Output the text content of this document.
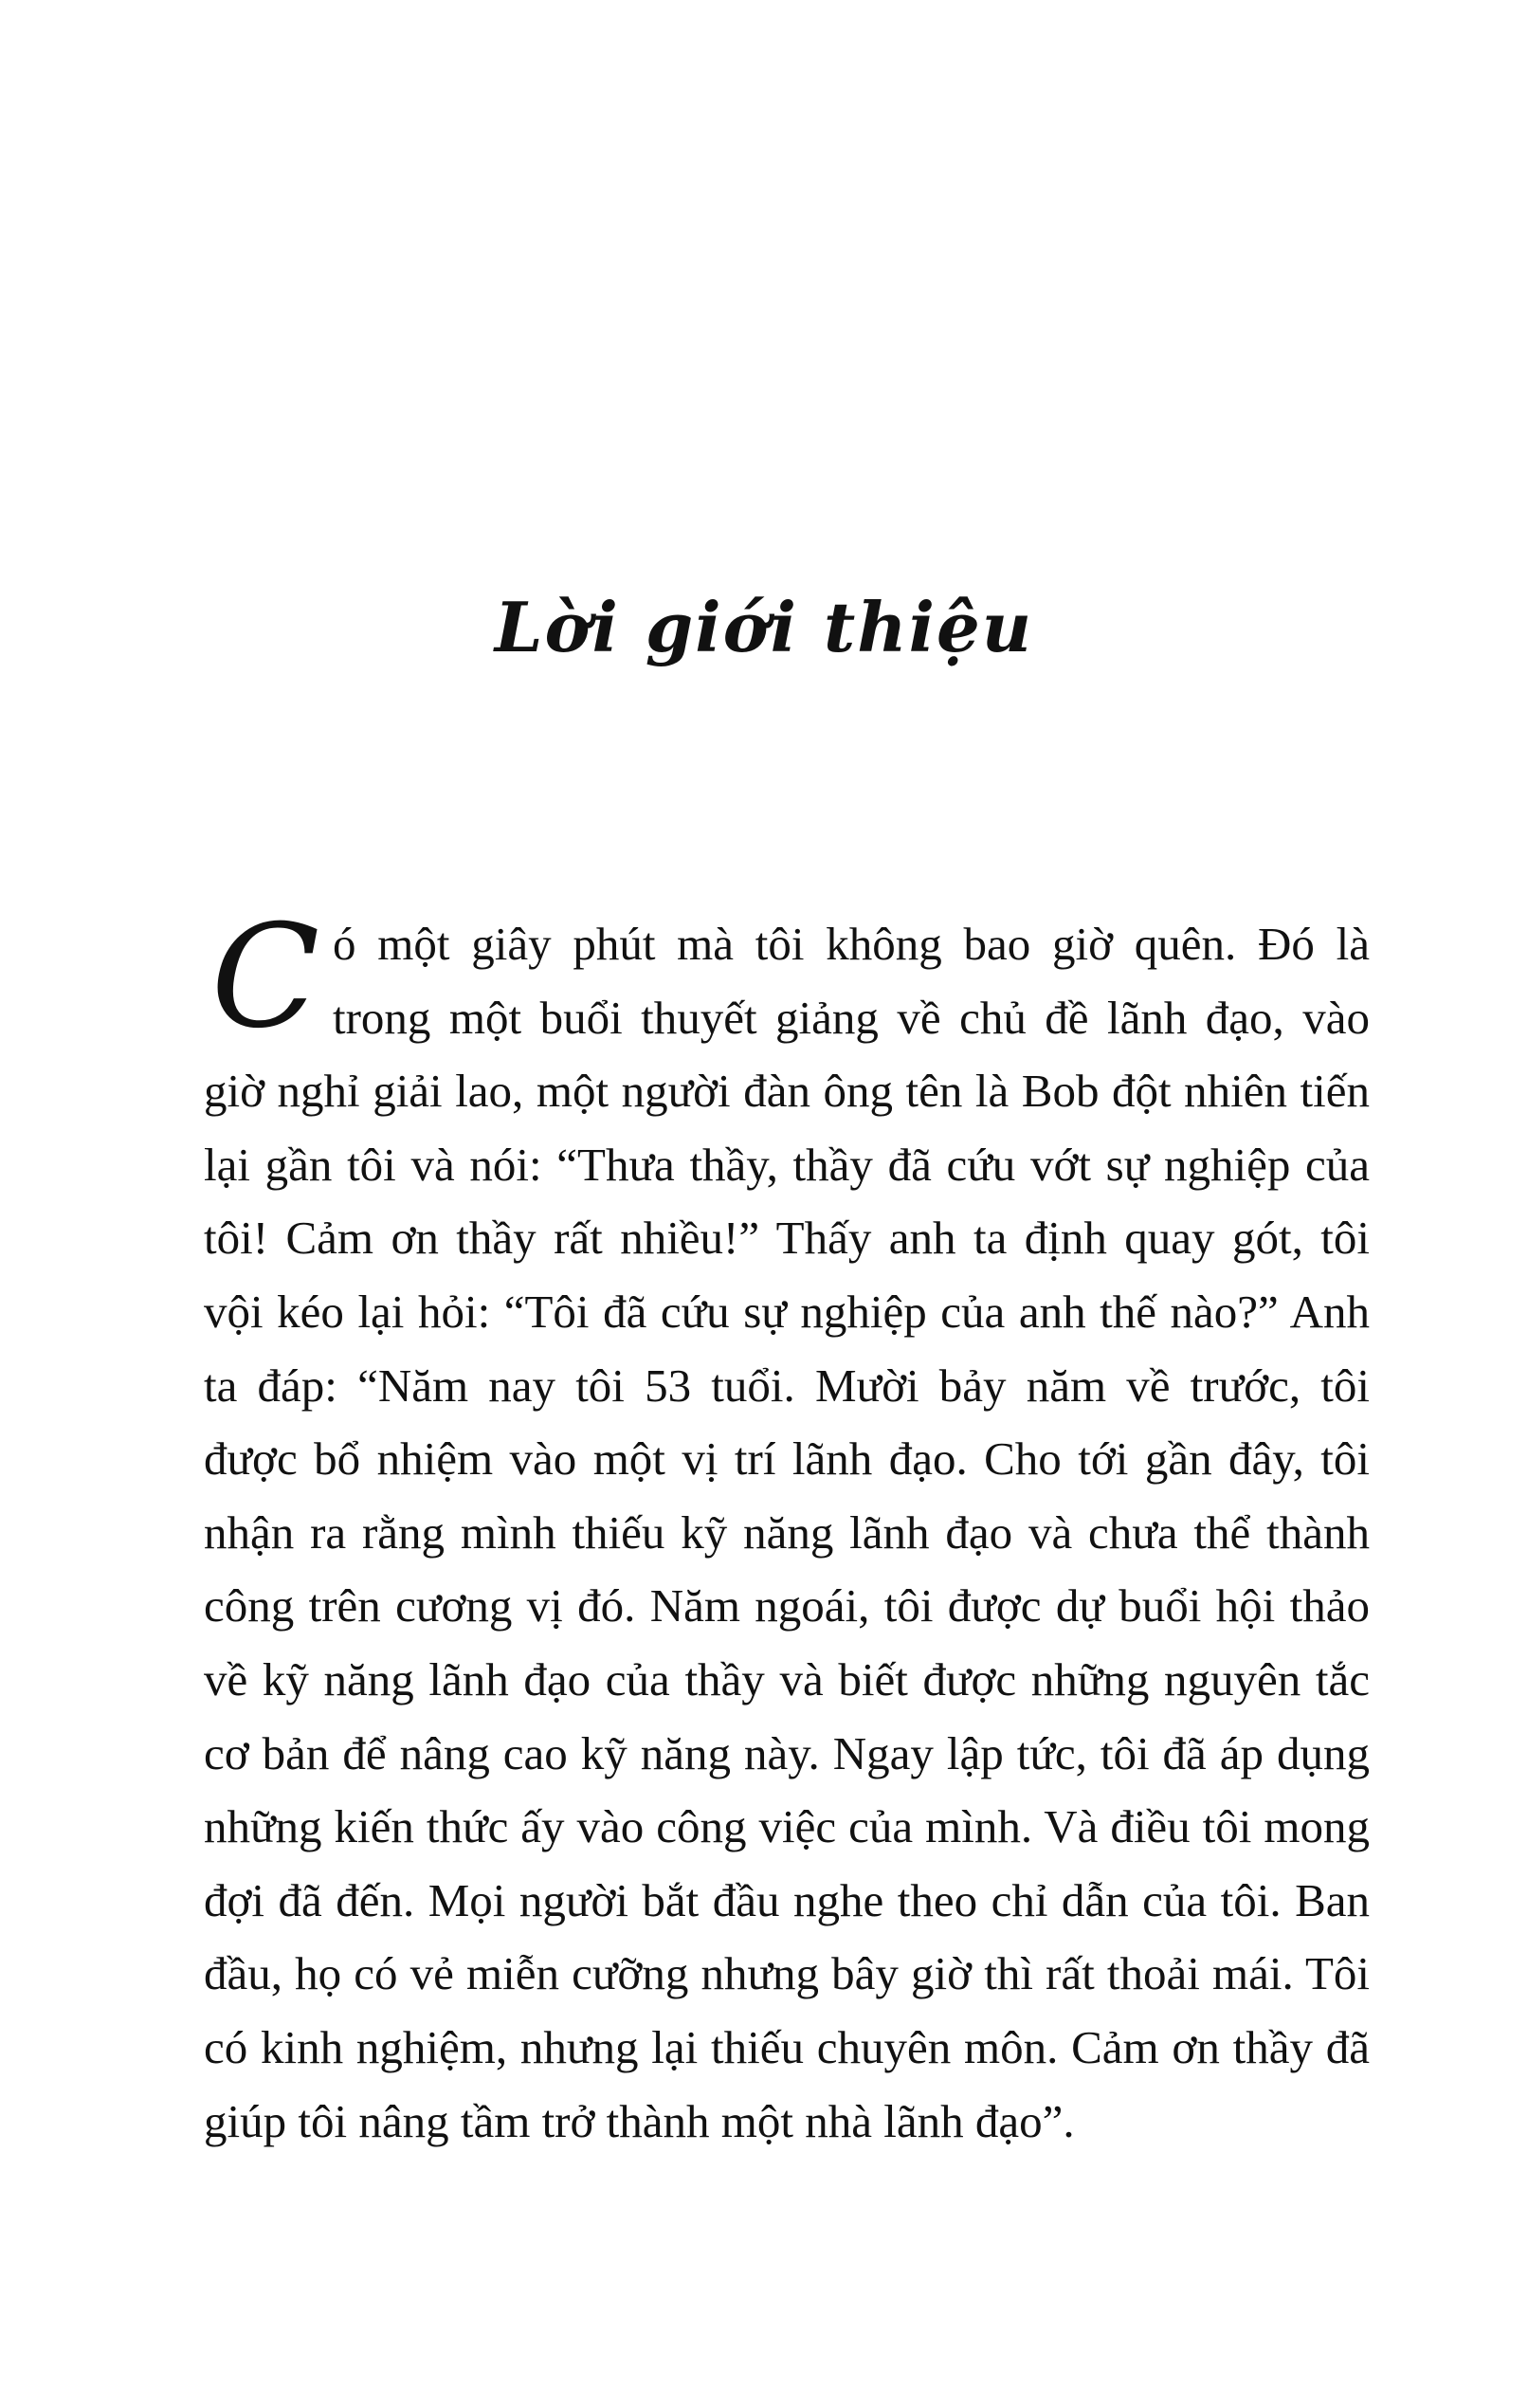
Lời giới thiệu
C ó một giây phút mà tôi không bao giờ quên. Đó là trong một buổi thuyết giảng về chủ đề lãnh đạo, vào giờ nghỉ giải lao, một người đàn ông tên là Bob đột nhiên tiến lại gần tôi và nói: “Thưa thầy, thầy đã cứu vớt sự nghiệp của tôi! Cảm ơn thầy rất nhiều!” Thấy anh ta định quay gót, tôi vội kéo lại hỏi: “Tôi đã cứu sự nghiệp của anh thế nào?” Anh ta đáp: “Năm nay tôi 53 tuổi. Mười bảy năm về trước, tôi được bổ nhiệm vào một vị trí lãnh đạo. Cho tới gần đây, tôi nhận ra rằng mình thiếu kỹ năng lãnh đạo và chưa thể thành công trên cương vị đó. Năm ngoái, tôi được dự buổi hội thảo về kỹ năng lãnh đạo của thầy và biết được những nguyên tắc cơ bản để nâng cao kỹ năng này. Ngay lập tức, tôi đã áp dụng những kiến thức ấy vào công việc của mình. Và điều tôi mong đợi đã đến. Mọi người bắt đầu nghe theo chỉ dẫn của tôi. Ban đầu, họ có vẻ miễn cưỡng nhưng bây giờ thì rất thoải mái. Tôi có kinh nghiệm, nhưng lại thiếu chuyên môn. Cảm ơn thầy đã giúp tôi nâng tầm trở thành một nhà lãnh đạo”.
